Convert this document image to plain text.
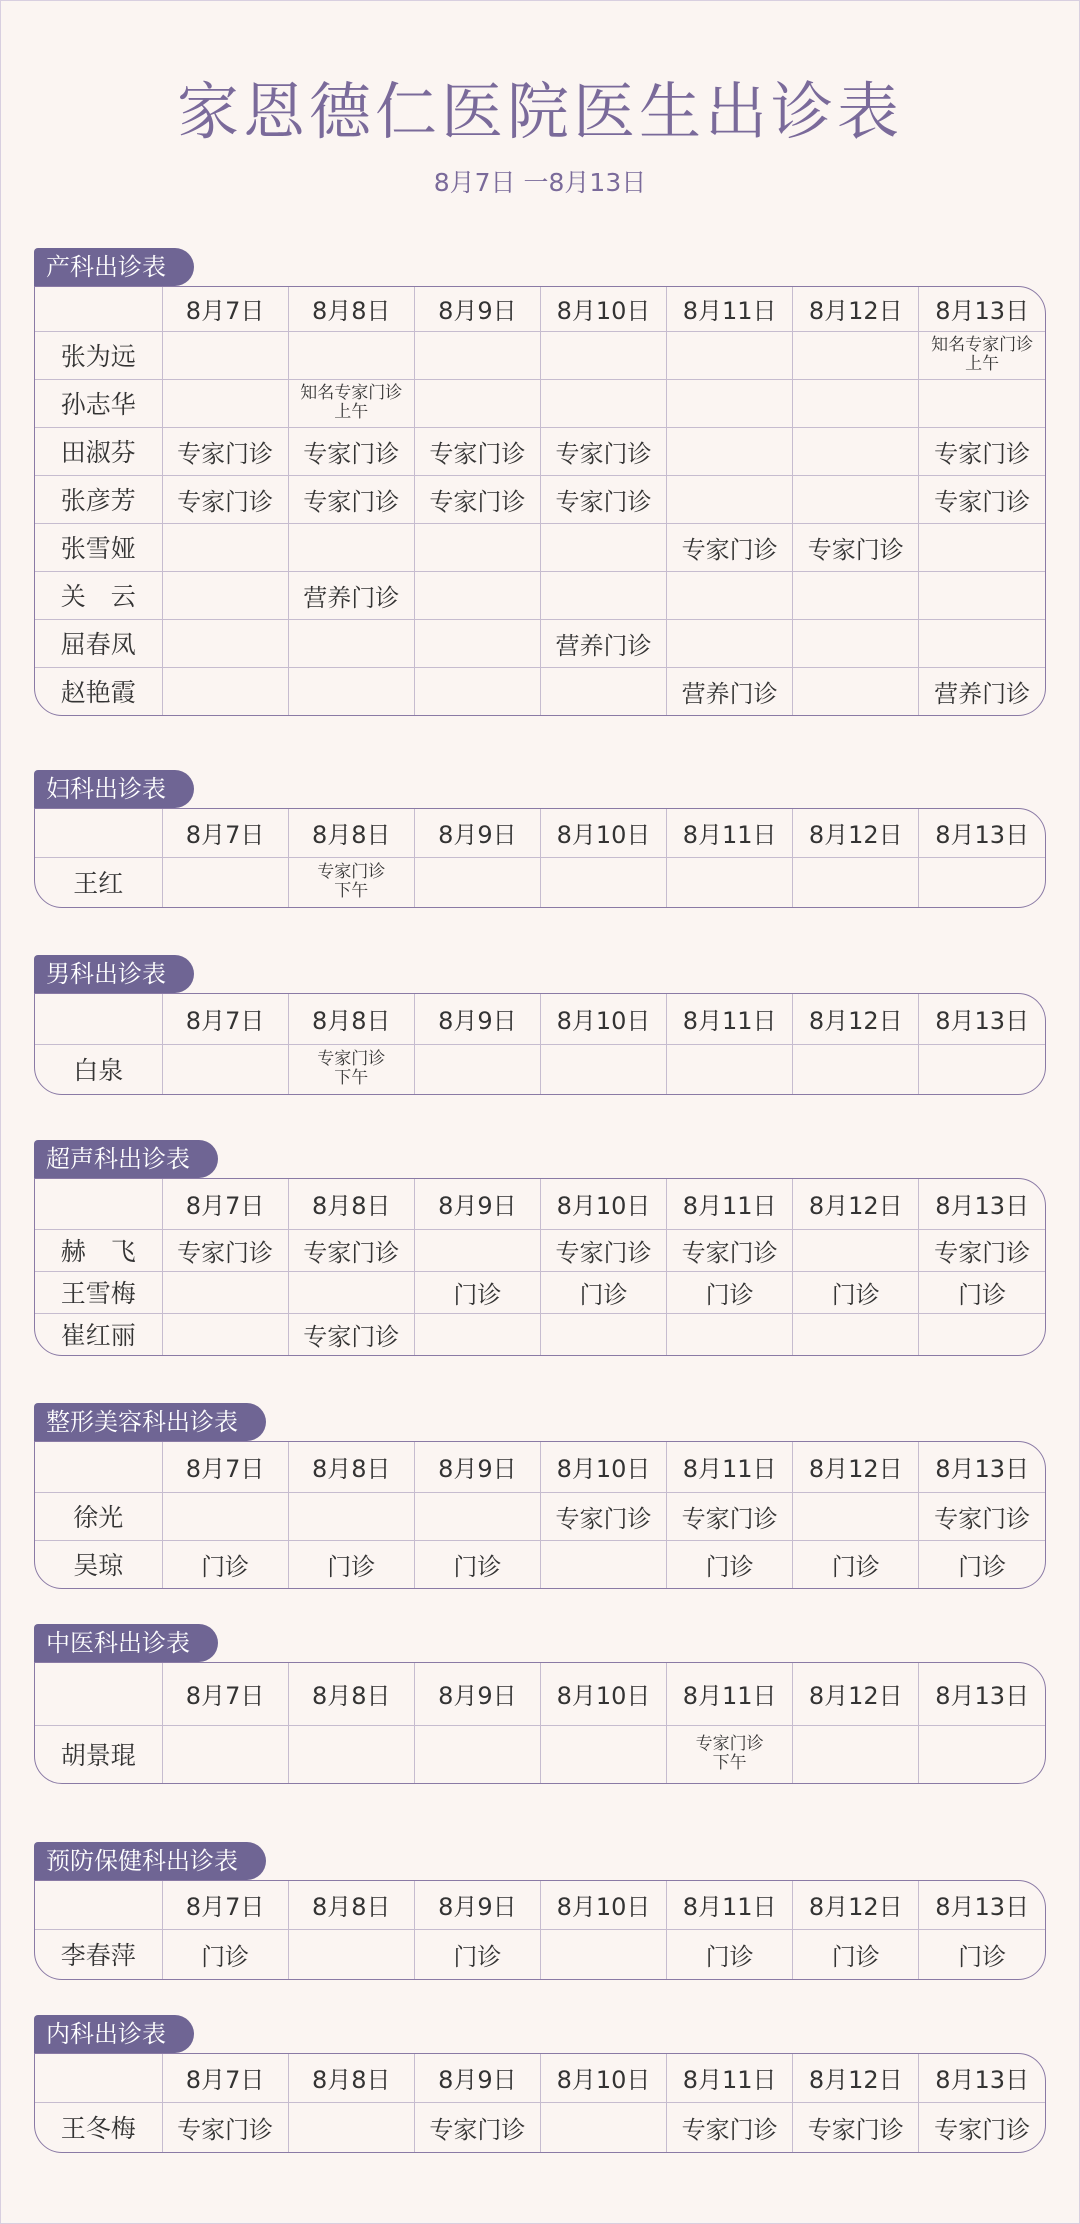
家恩德仁医院医生出诊表
8月7日 一8月13日
产科出诊表
	8月7日	8月8日	8月9日	8月10日	8月11日	8月12日	8月13日
张为远							知名专家门诊
上午

孙志华		知名专家门诊
上午					

田淑芬	专家门诊	专家门诊	专家门诊	专家门诊			专家门诊
张彦芳	专家门诊	专家门诊	专家门诊	专家门诊			专家门诊
张雪娅					专家门诊	专家门诊	
关　云		营养门诊					
屈春凤				营养门诊			
赵艳霞					营养门诊		营养门诊
妇科出诊表
	8月7日	8月8日	8月9日	8月10日	8月11日	8月12日	8月13日
王红		专家门诊
下午					

男科出诊表
	8月7日	8月8日	8月9日	8月10日	8月11日	8月12日	8月13日
白泉		专家门诊
下午					

超声科出诊表
	8月7日	8月8日	8月9日	8月10日	8月11日	8月12日	8月13日
赫　飞	专家门诊	专家门诊		专家门诊	专家门诊		专家门诊
王雪梅			门诊	门诊	门诊	门诊	门诊
崔红丽		专家门诊					
整形美容科出诊表
	8月7日	8月8日	8月9日	8月10日	8月11日	8月12日	8月13日
徐光				专家门诊	专家门诊		专家门诊
吴琼	门诊	门诊	门诊		门诊	门诊	门诊
中医科出诊表
	8月7日	8月8日	8月9日	8月10日	8月11日	8月12日	8月13日
胡景琨					专家门诊
下午		

预防保健科出诊表
	8月7日	8月8日	8月9日	8月10日	8月11日	8月12日	8月13日
李春萍	门诊		门诊		门诊	门诊	门诊
内科出诊表
	8月7日	8月8日	8月9日	8月10日	8月11日	8月12日	8月13日
王冬梅	专家门诊		专家门诊		专家门诊	专家门诊	专家门诊
